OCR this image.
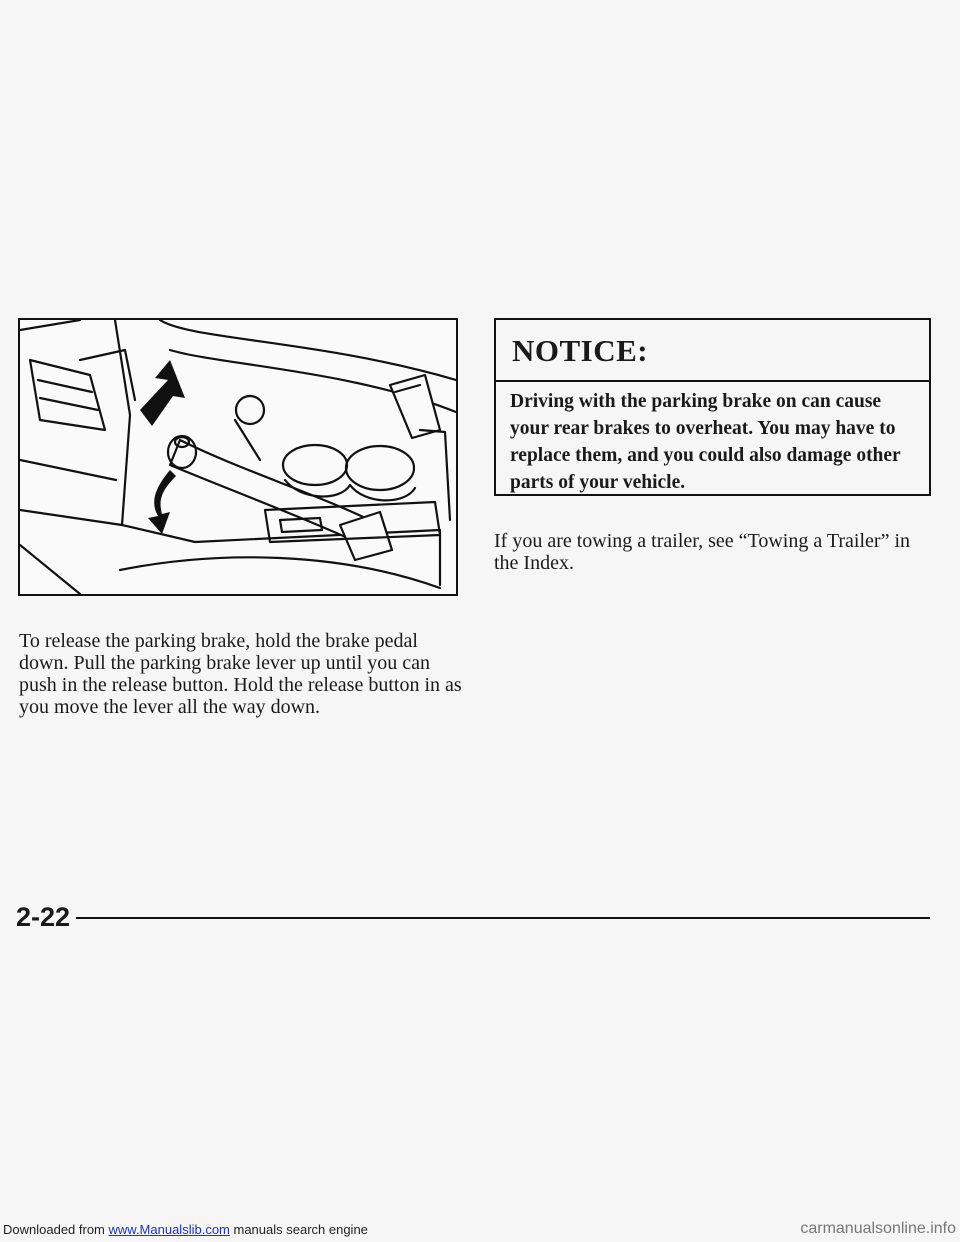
To release the parking brake, hold the brake pedal down. Pull the parking brake lever up until you can push in the release button. Hold the release button in as you move the lever all the way down.

NOTICE:

Driving with the parking brake on can cause your rear brakes to overheat. You may have to replace them, and you could also damage other parts of your vehicle.

If you are towing a trailer, see “Towing a Trailer” in the Index.

2-22
Downloaded from www.Manualslib.com manuals search engine	carmanualsonline.info
